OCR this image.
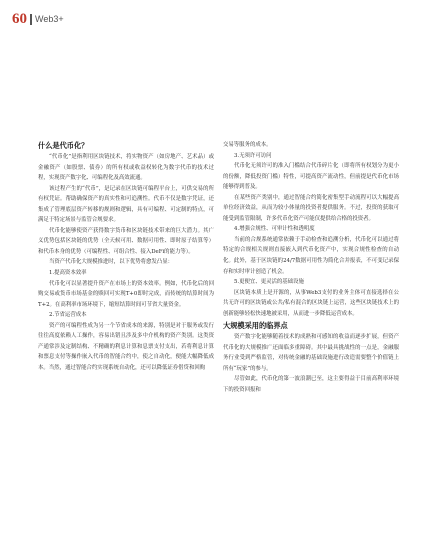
60 Web3+
什么是代币化？

“代币化”是指利用区块链技术，将实物资产（如房地产、艺术品）或金融资产（如股票、债券）的所有权或收益权转化为数字代币的技术过程，实现资产数字化、可编程化及高效流通。

该过程产生的“代币”，是记录在区块链可编程平台上，可供交易的所有权凭证。帮助确保资产的真实性和可追溯性。代币不仅是数字凭证，还集成了管理底层资产转移的规则和逻辑，具有可编程、可定制的特点，可满足于特定场景与监管合规要求。

代币化能够使资产获得数字货币和区块链技术带来的巨大潜力。其广义优势包括区块链的优势（全天候可用、数据可用性、即时原子结算等）和代币本身的优势（可编程性、可组合性、接入DeFi的能力等）。

当资产代币化大规模推进时，以下优势将愈发凸显：

1.提高资本效率

代币化可以显著提升资产在市场上的资本效率。例如，代币化后的回购交易或货币市场基金的赎回可实现T+0即时完成，而传统的结算时间为T+2。在高利率市场环境下，缩短结算时间可节省大量资金。

2.节省运营成本

资产的可编程性成为另一个节省成本的来源，特别是对于服务或发行往往高度依赖人工操作，容易出错且涉及多中介机构的资产类别。这类资产通常涉及定制结构、不精确的利息计算和息票支付支出，若将利息计算和票息支付等操作嵌入代币的智能合约中，使之自动化，便能大幅降低成本。当然，通过智能合约实现系统自动化，还可以降低证券借贷和回购

交易等服务的成本。

3.无须许可访问

代币化无须许可的准入门槛结合代币碎片化（即将所有权划分为更小的份额，降低投资门槛）特性，可提高资产流动性，但前提是代币化市场能够得到普及。

在某些资产类别中，通过智能合约简化密集型手动流程可以大幅提高单位经济效益，从而为较小体量的投资者提供服务。不过，投资的获取可能受到监管限制，许多代币化资产可能仅提供给合格的投资者。

4.增强合规性、可审计性和透明度

当前的合规系统通常依赖于手动检查和追溯分析，代币化可以通过将特定的合规相关规则直接嵌入到代币化资产中，实现合规性检查的自动化。此外，基于区块链的24/7数据可用性为简化合并报表，不可变记录保存和实时审计创造了机会。

5.更便宜、更灵活的基础设施

区块链本质上是开源的，从事Web3支付的业务主体可直接选择在公共无许可的区块链或公共/私有混合的区块链上运营，这些区块链技术上的创新能够轻松快速地被采用，从而进一步降低运营成本。

大规模采用的临界点

资产数字化能够随着技术的成熟和可感知的收益而逐步扩展，但资产代币化的大规模推广还面临多重障碍。其中最具挑战性的一点是，金融服务行业受到严格监管，对传统金融的基础设施进行改造需要整个价值链上所有“玩家”的参与。

尽管如此，代币化的第一波浪潮已至，这主要得益于目前高利率环境下的投资回报和
